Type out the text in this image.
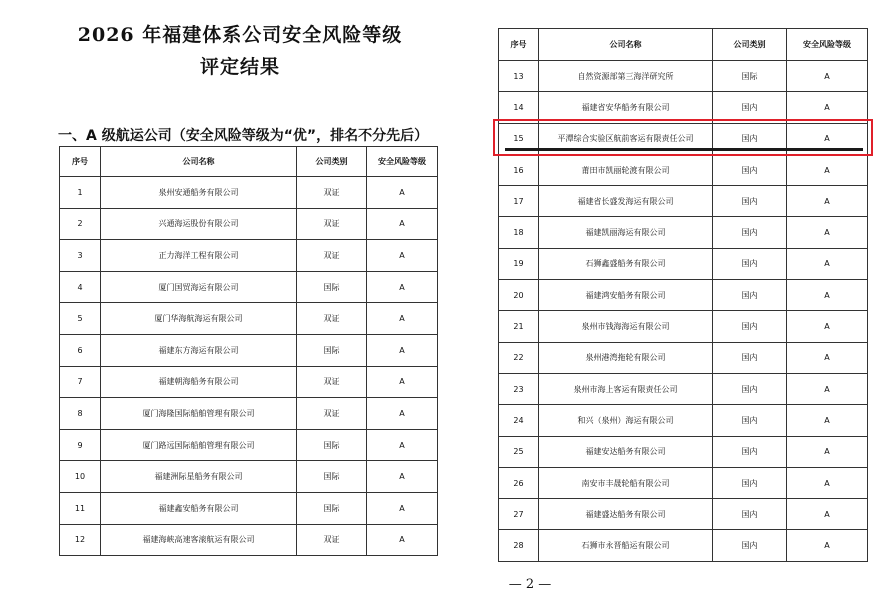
2026 年福建体系公司安全风险等级
评定结果
一、A 级航运公司（安全风险等级为“优”，排名不分先后）
序号	公司名称	公司类别	安全风险等级
1	泉州安通船务有限公司	双证	A
2	兴通海运股份有限公司	双证	A
3	正力海洋工程有限公司	双证	A
4	厦门国贸海运有限公司	国际	A
5	厦门华海航海运有限公司	双证	A
6	福建东方海运有限公司	国际	A
7	福建朝海船务有限公司	双证	A
8	厦门海隆国际船舶管理有限公司	双证	A
9	厦门路远国际船舶管理有限公司	国际	A
10	福建洲际星船务有限公司	国际	A
11	福建鑫安船务有限公司	国际	A
12	福建海峡高速客滚航运有限公司	双证	A
序号	公司名称	公司类别	安全风险等级
13	自然资源部第三海洋研究所	国际	A
14	福建省安华船务有限公司	国内	A
15	平潭综合实验区航前客运有限责任公司	国内	A
16	莆田市凯丽轮渡有限公司	国内	A
17	福建省长盛发海运有限公司	国内	A
18	福建凯丽海运有限公司	国内	A
19	石狮鑫盛船务有限公司	国内	A
20	福建鸿安船务有限公司	国内	A
21	泉州市钱海海运有限公司	国内	A
22	泉州港湾拖轮有限公司	国内	A
23	泉州市海上客运有限责任公司	国内	A
24	和兴（泉州）海运有限公司	国内	A
25	福建安达船务有限公司	国内	A
26	南安市丰晟轮船有限公司	国内	A
27	福建盛达船务有限公司	国内	A
28	石狮市永晋船运有限公司	国内	A
— 2 —
